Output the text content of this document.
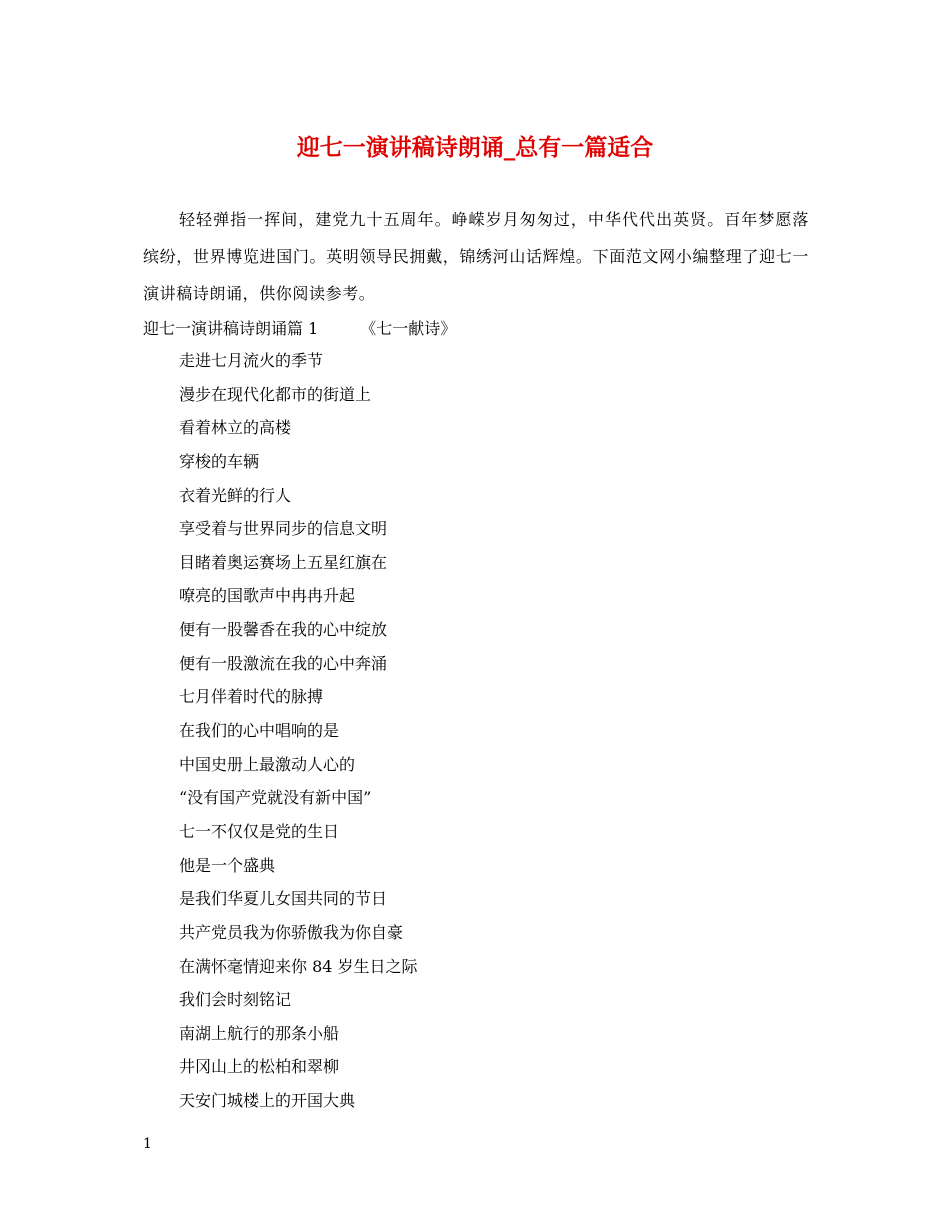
迎七一演讲稿诗朗诵_总有一篇适合

轻轻弹指一挥间，建党九十五周年。峥嵘岁月匆匆过，中华代代出英贤。百年梦愿落缤纷，世界博览进国门。英明领导民拥戴，锦绣河山话辉煌。下面范文网小编整理了迎七一演讲稿诗朗诵，供你阅读参考。

迎七一演讲稿诗朗诵篇 1	《七一献诗》

走进七月流火的季节
漫步在现代化都市的街道上
看着林立的高楼
穿梭的车辆
衣着光鲜的行人
享受着与世界同步的信息文明
目睹着奥运赛场上五星红旗在
嘹亮的国歌声中冉冉升起
便有一股馨香在我的心中绽放
便有一股激流在我的心中奔涌
七月伴着时代的脉搏
在我们的心中唱响的是
中国史册上最激动人心的
“没有国产党就没有新中国”
七一不仅仅是党的生日
他是一个盛典
是我们华夏儿女国共同的节日
共产党员我为你骄傲我为你自豪
在满怀毫情迎来你 84 岁生日之际
我们会时刻铭记
南湖上航行的那条小船
井冈山上的松柏和翠柳
天安门城楼上的开国大典
1
